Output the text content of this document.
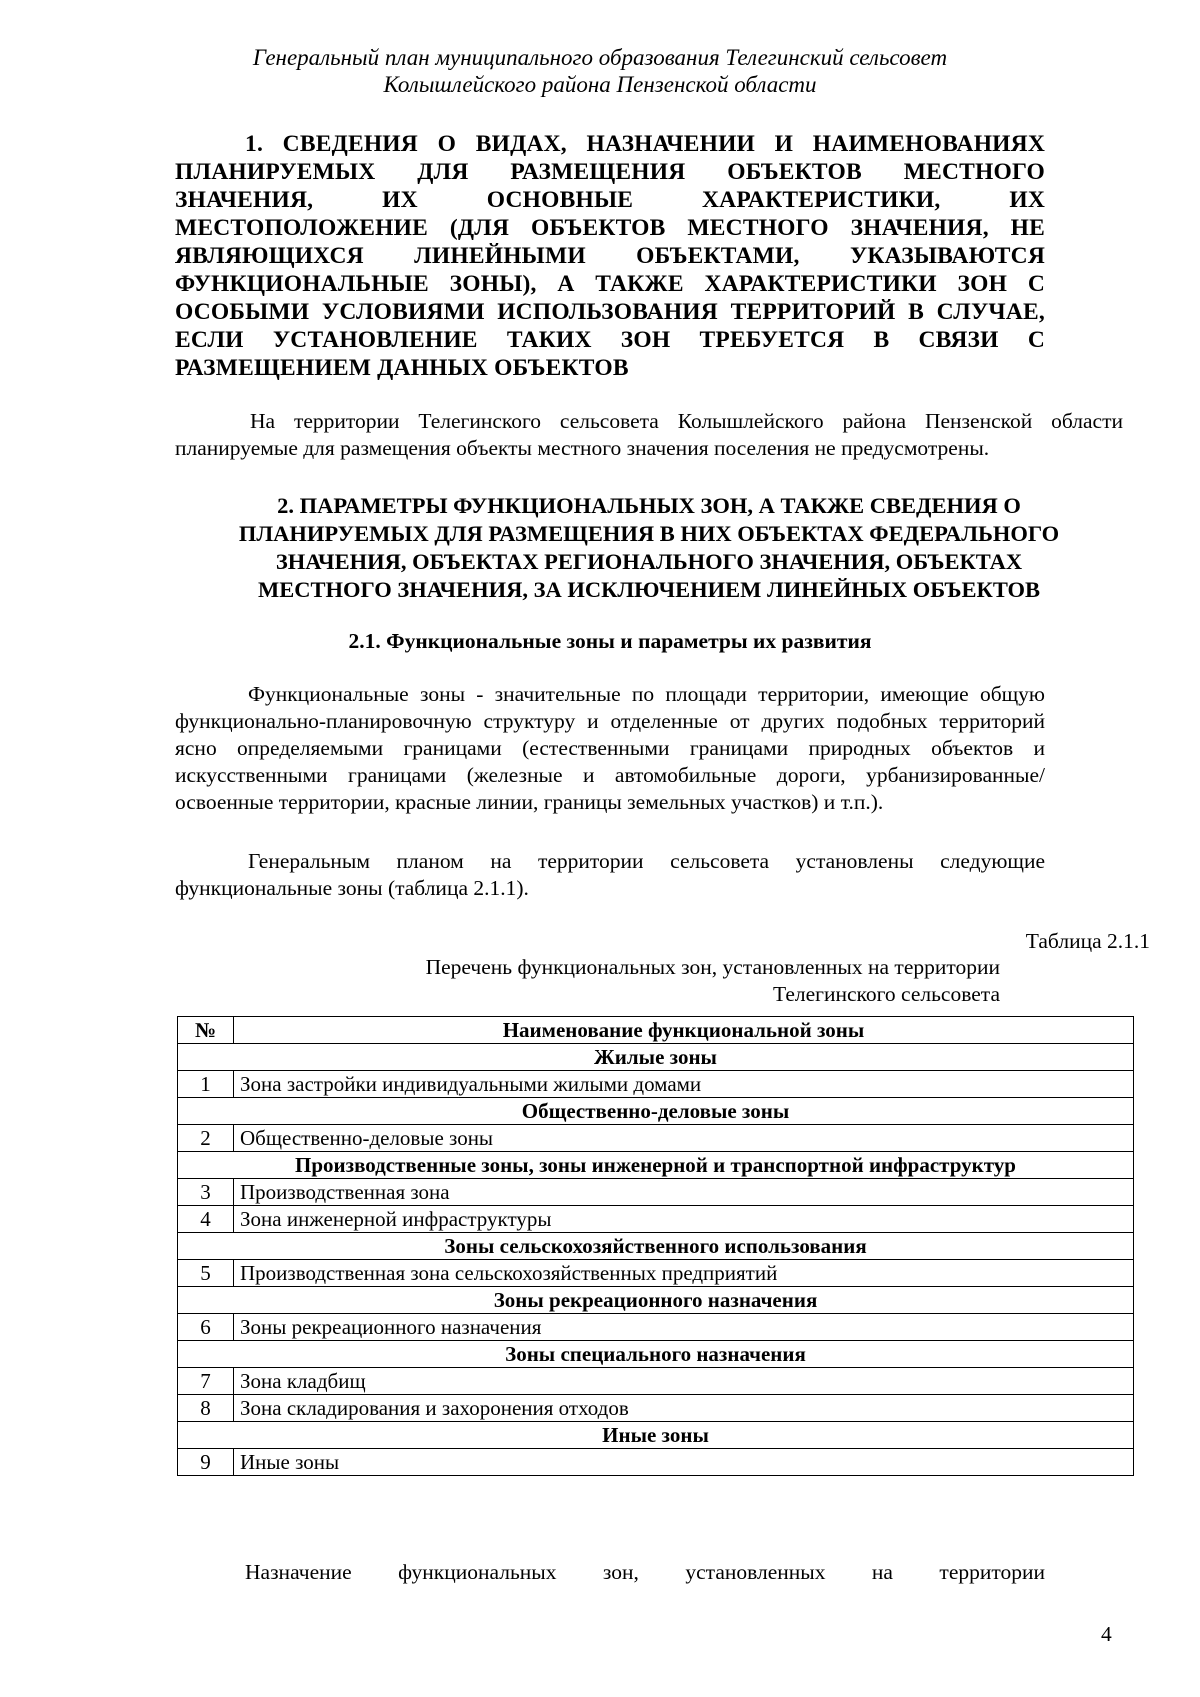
Генеральный план муниципального образования Телегинский сельсовет
Колышлейского района Пензенской области
1. СВЕДЕНИЯ О ВИДАХ, НАЗНАЧЕНИИ И НАИМЕНОВАНИЯХ ПЛАНИРУЕМЫХ ДЛЯ РАЗМЕЩЕНИЯ ОБЪЕКТОВ МЕСТНОГО ЗНАЧЕНИЯ, ИХ ОСНОВНЫЕ ХАРАКТЕРИСТИКИ, ИХ МЕСТОПОЛОЖЕНИЕ (ДЛЯ ОБЪЕКТОВ МЕСТНОГО ЗНАЧЕНИЯ, НЕ ЯВЛЯЮЩИХСЯ ЛИНЕЙНЫМИ ОБЪЕКТАМИ, УКАЗЫВАЮТСЯ ФУНКЦИОНАЛЬНЫЕ ЗОНЫ), А ТАКЖЕ ХАРАКТЕРИСТИКИ ЗОН С ОСОБЫМИ УСЛОВИЯМИ ИСПОЛЬЗОВАНИЯ ТЕРРИТОРИЙ В СЛУЧАЕ, ЕСЛИ УСТАНОВЛЕНИЕ ТАКИХ ЗОН ТРЕБУЕТСЯ В СВЯЗИ С РАЗМЕЩЕНИЕМ ДАННЫХ ОБЪЕКТОВ
На территории Телегинского сельсовета Колышлейского района Пензенской области планируемые для размещения объекты местного значения поселения не предусмотрены.
2. ПАРАМЕТРЫ ФУНКЦИОНАЛЬНЫХ ЗОН, А ТАКЖЕ СВЕДЕНИЯ О
ПЛАНИРУЕМЫХ ДЛЯ РАЗМЕЩЕНИЯ В НИХ ОБЪЕКТАХ ФЕДЕРАЛЬНОГО
ЗНАЧЕНИЯ, ОБЪЕКТАХ РЕГИОНАЛЬНОГО ЗНАЧЕНИЯ, ОБЪЕКТАХ
МЕСТНОГО ЗНАЧЕНИЯ, ЗА ИСКЛЮЧЕНИЕМ ЛИНЕЙНЫХ ОБЪЕКТОВ
2.1. Функциональные зоны и параметры их развития
Функциональные зоны - значительные по площади территории, имеющие общую функционально-планировочную структуру и отделенные от других подобных территорий ясно определяемыми границами (естественными границами природных объектов и искусственными границами (железные и автомобильные дороги, урбанизированные/освоенные территории, красные линии, границы земельных участков) и т.п.).
Генеральным планом на территории сельсовета установлены следующие функциональные зоны (таблица 2.1.1).
Таблица 2.1.1
Перечень функциональных зон, установленных на территории
Телегинского сельсовета
№	Наименование функциональной зоны
Жилые зоны	
1	Зона застройки индивидуальными жилыми домами
Общественно-деловые зоны	
2	Общественно-деловые зоны
Производственные зоны, зоны инженерной и транспортной инфраструктур	
3	Производственная зона
4	Зона инженерной инфраструктуры
Зоны сельскохозяйственного использования	
5	Производственная зона сельскохозяйственных предприятий
Зоны рекреационного назначения	
6	Зоны рекреационного назначения
Зоны специального назначения	
7	Зона кладбищ
8	Зона складирования и захоронения отходов
Иные зоны	
9	Иные зоны
Назначение функциональных зон, установленных на территории
4
